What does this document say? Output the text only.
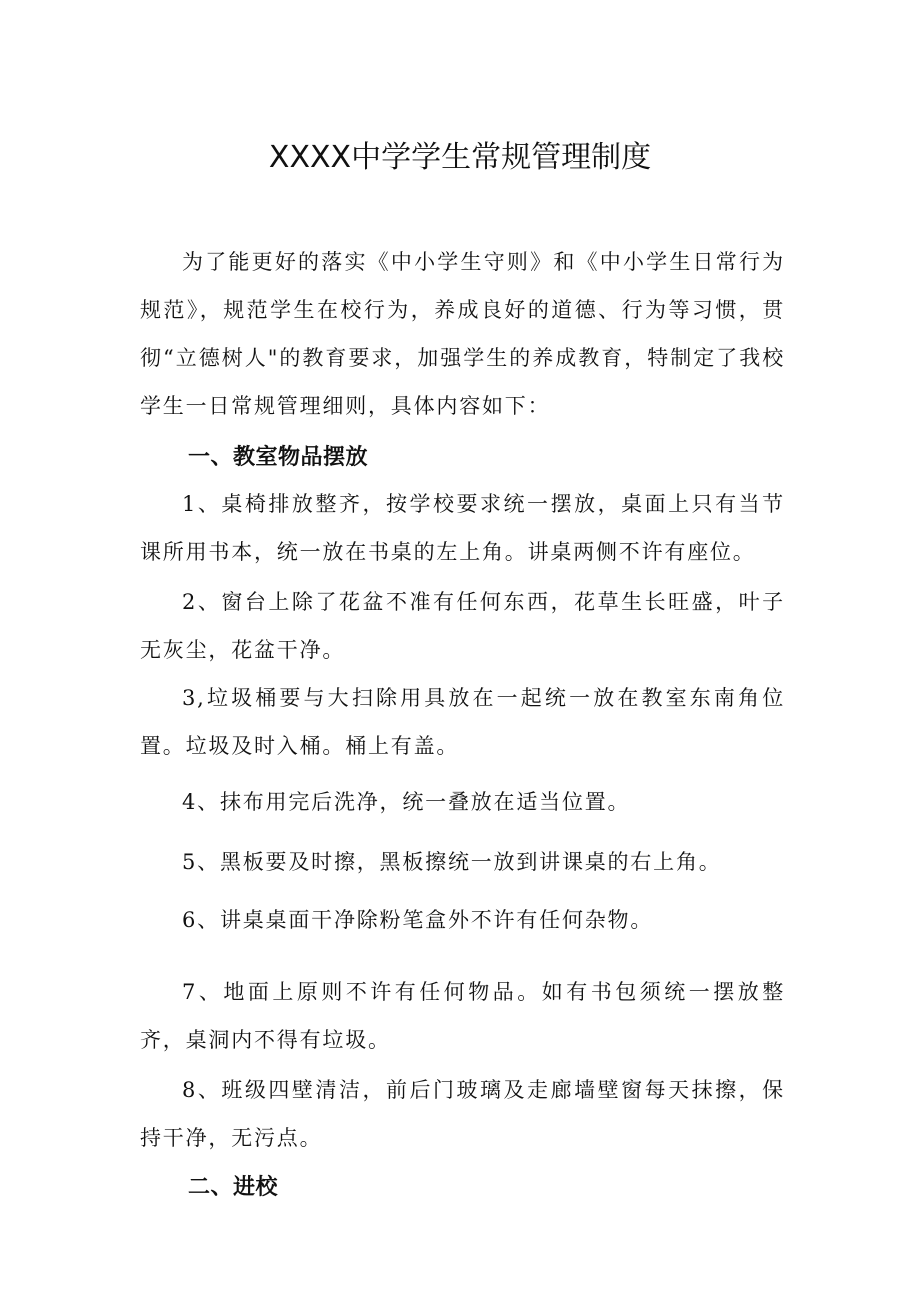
XXXX中学学生常规管理制度

为了能更好的落实《中小学生守则》和《中小学生日常行为规范》，规范学生在校行为，养成良好的道德、行为等习惯，贯彻“立德树人"的教育要求，加强学生的养成教育，特制定了我校学生一日常规管理细则，具体内容如下：

一、教室物品摆放

1、桌椅排放整齐，按学校要求统一摆放，桌面上只有当节课所用书本，统一放在书桌的左上角。讲桌两侧不许有座位。

2、窗台上除了花盆不准有任何东西，花草生长旺盛，叶子无灰尘，花盆干净。

3,垃圾桶要与大扫除用具放在一起统一放在教室东南角位置。垃圾及时入桶。桶上有盖。

4、抹布用完后洗净，统一叠放在适当位置。

5、黑板要及时擦，黑板擦统一放到讲课桌的右上角。

6、讲桌桌面干净除粉笔盒外不许有任何杂物。

7、地面上原则不许有任何物品。如有书包须统一摆放整齐，桌洞内不得有垃圾。

8、班级四壁清洁，前后门玻璃及走廊墙壁窗每天抹擦，保持干净，无污点。

二、进校
